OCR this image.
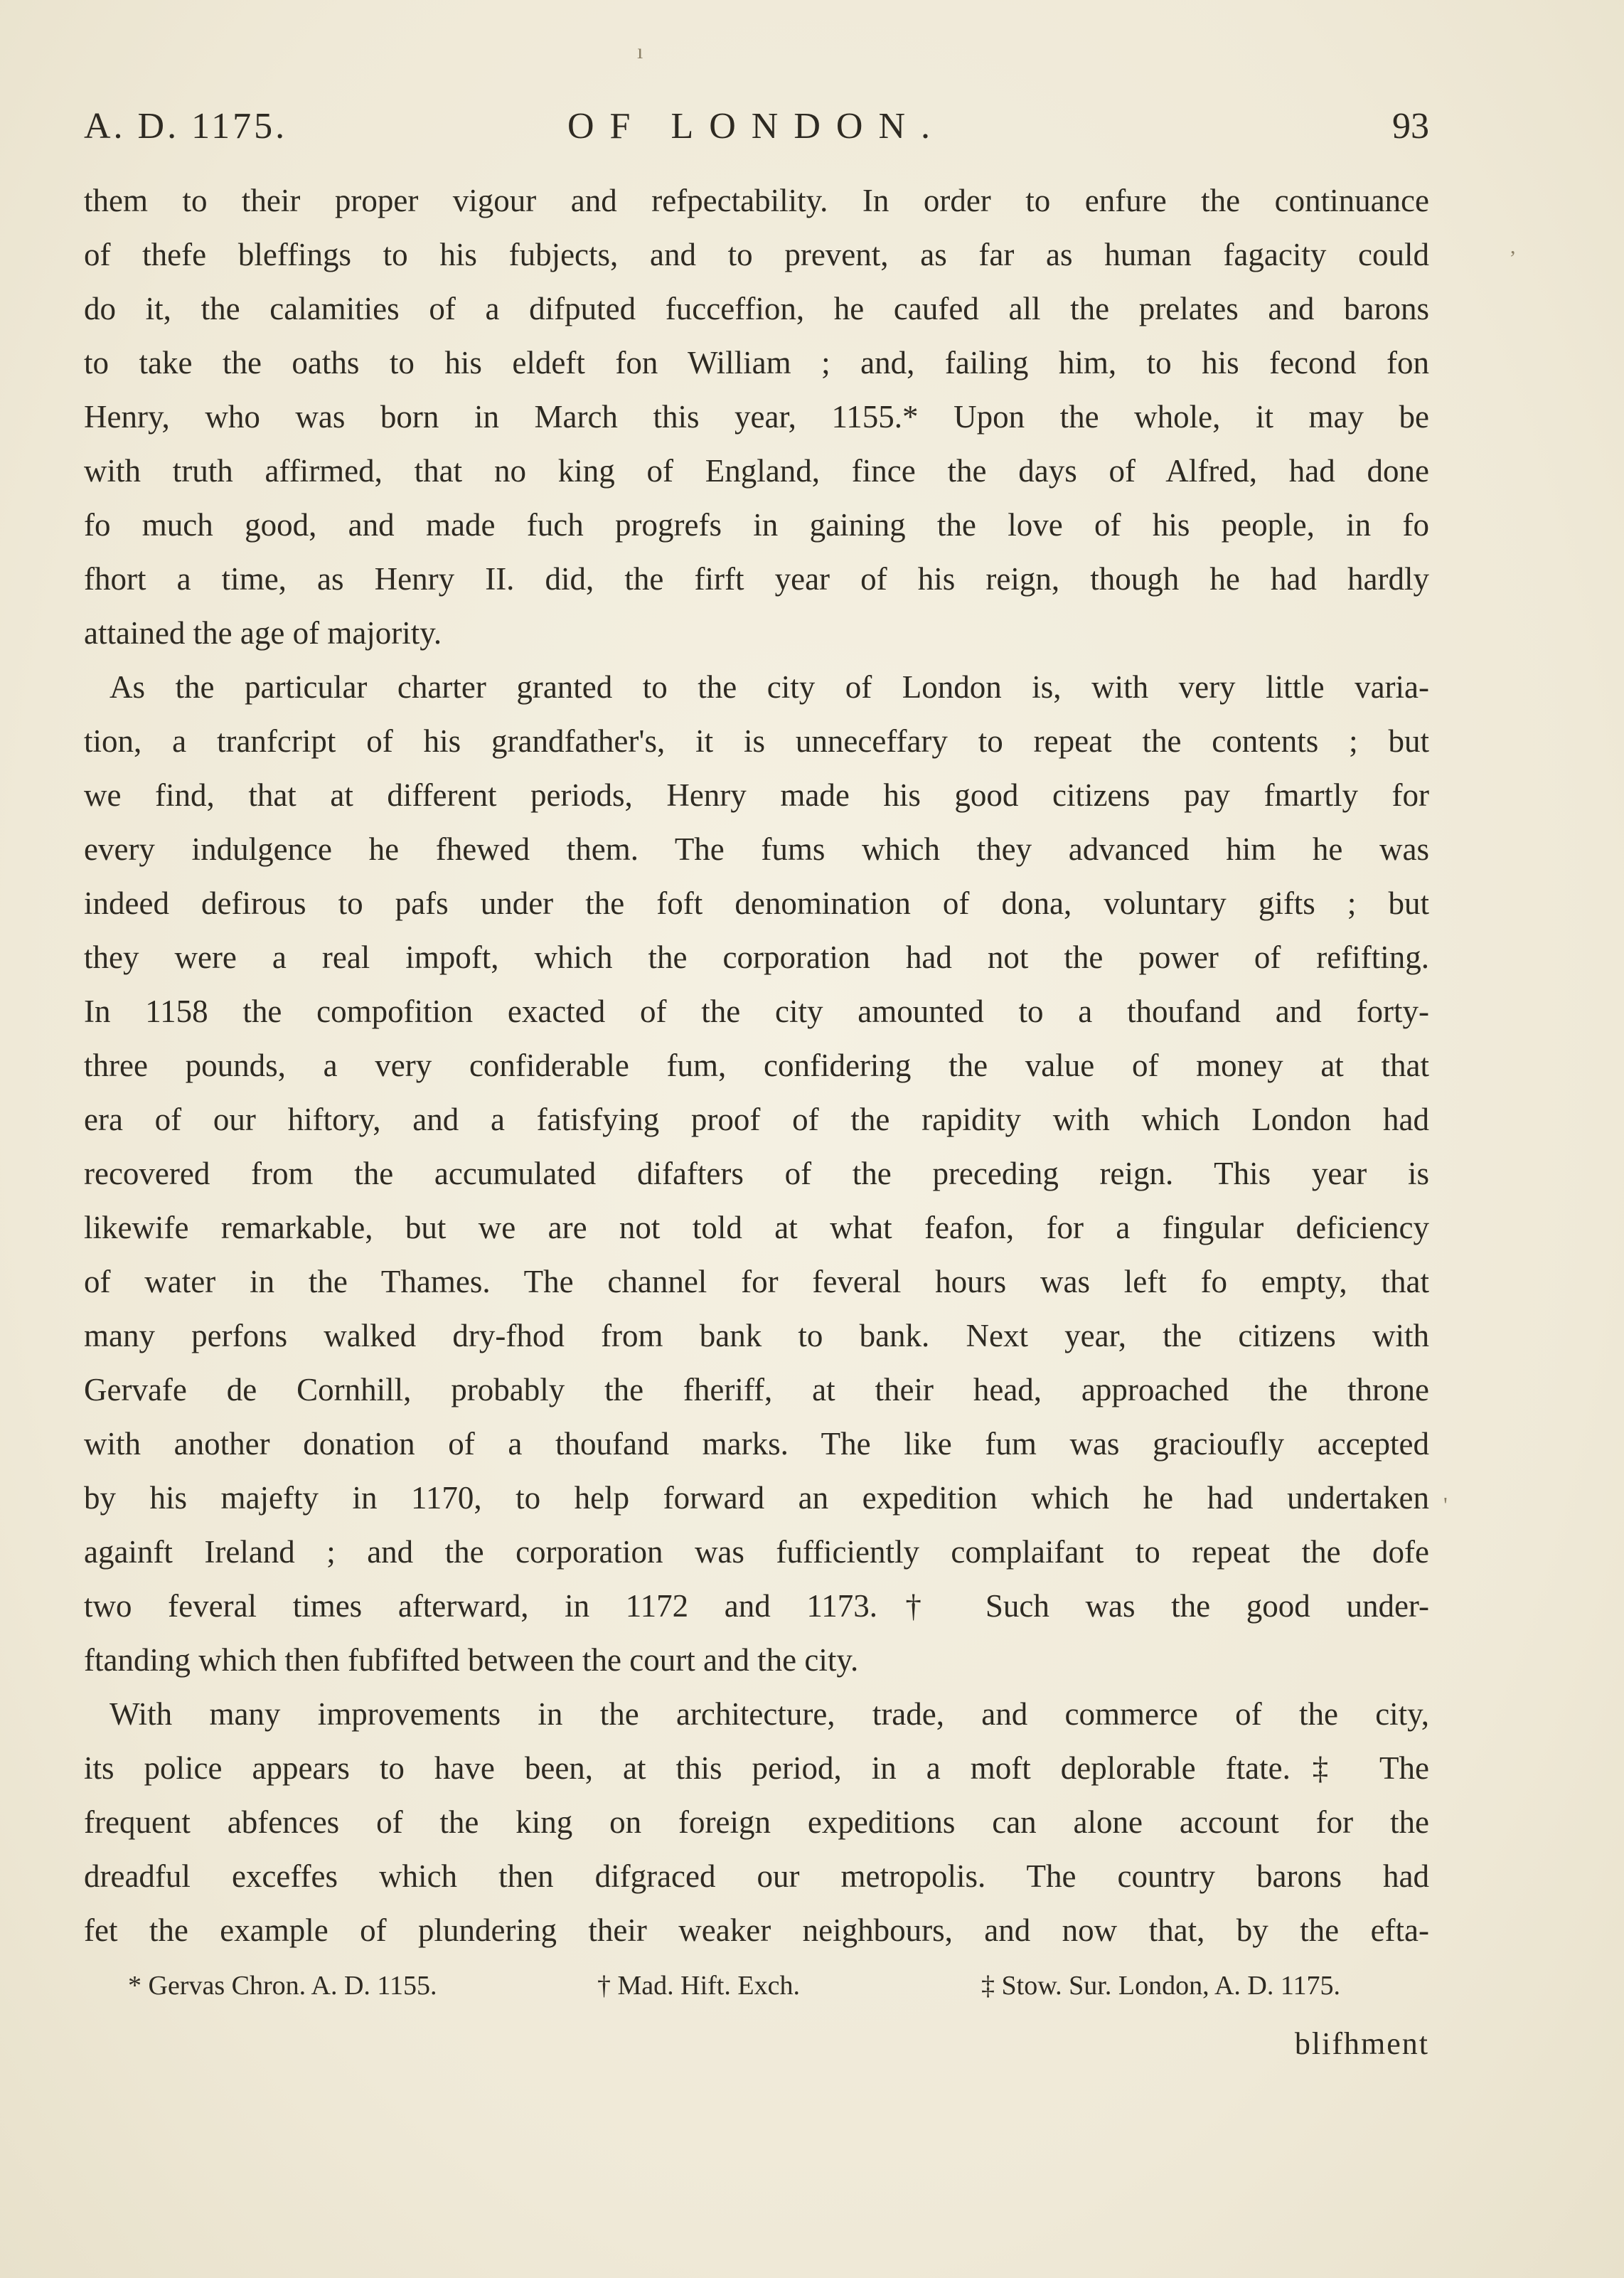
ı
,
'
A. D. 1175.	OF LONDON.	93
them to their proper vigour and refpectability. In order to enfure the continuance
of thefe bleffings to his fubjects, and to prevent, as far as human fagacity could
do it, the calamities of a difputed fucceffion, he caufed all the prelates and barons
to take the oaths to his eldeft fon William ; and, failing him, to his fecond fon
Henry, who was born in March this year, 1155.* Upon the whole, it may be
with truth affirmed, that no king of England, fince the days of Alfred, had done
fo much good, and made fuch progrefs in gaining the love of his people, in fo
fhort a time, as Henry II. did, the firft year of his reign, though he had hardly
attained the age of majority.
As the particular charter granted to the city of London is, with very little varia-
tion, a tranfcript of his grandfather's, it is unneceffary to repeat the contents ; but
we find, that at different periods, Henry made his good citizens pay fmartly for
every indulgence he fhewed them. The fums which they advanced him he was
indeed defirous to pafs under the foft denomination of dona, voluntary gifts ; but
they were a real impoft, which the corporation had not the power of refifting.
In 1158 the compofition exacted of the city amounted to a thoufand and forty-
three pounds, a very confiderable fum, confidering the value of money at that
era of our hiftory, and a fatisfying proof of the rapidity with which London had
recovered from the accumulated difafters of the preceding reign. This year is
likewife remarkable, but we are not told at what feafon, for a fingular deficiency
of water in the Thames. The channel for feveral hours was left fo empty, that
many perfons walked dry-fhod from bank to bank. Next year, the citizens with
Gervafe de Cornhill, probably the fheriff, at their head, approached the throne
with another donation of a thoufand marks. The like fum was gracioufly accepted
by his majefty in 1170, to help forward an expedition which he had undertaken
againft Ireland ; and the corporation was fufficiently complaifant to repeat the dofe
two feveral times afterward, in 1172 and 1173.† Such was the good under-
ftanding which then fubfifted between the court and the city.
With many improvements in the architecture, trade, and commerce of the city,
its police appears to have been, at this period, in a moft deplorable ftate.‡ The
frequent abfences of the king on foreign expeditions can alone account for the
dreadful exceffes which then difgraced our metropolis. The country barons had
fet the example of plundering their weaker neighbours, and now that, by the efta-
* Gervas Chron. A. D. 1155.	† Mad. Hift. Exch.	‡ Stow. Sur. London, A. D. 1175.
blifhment
